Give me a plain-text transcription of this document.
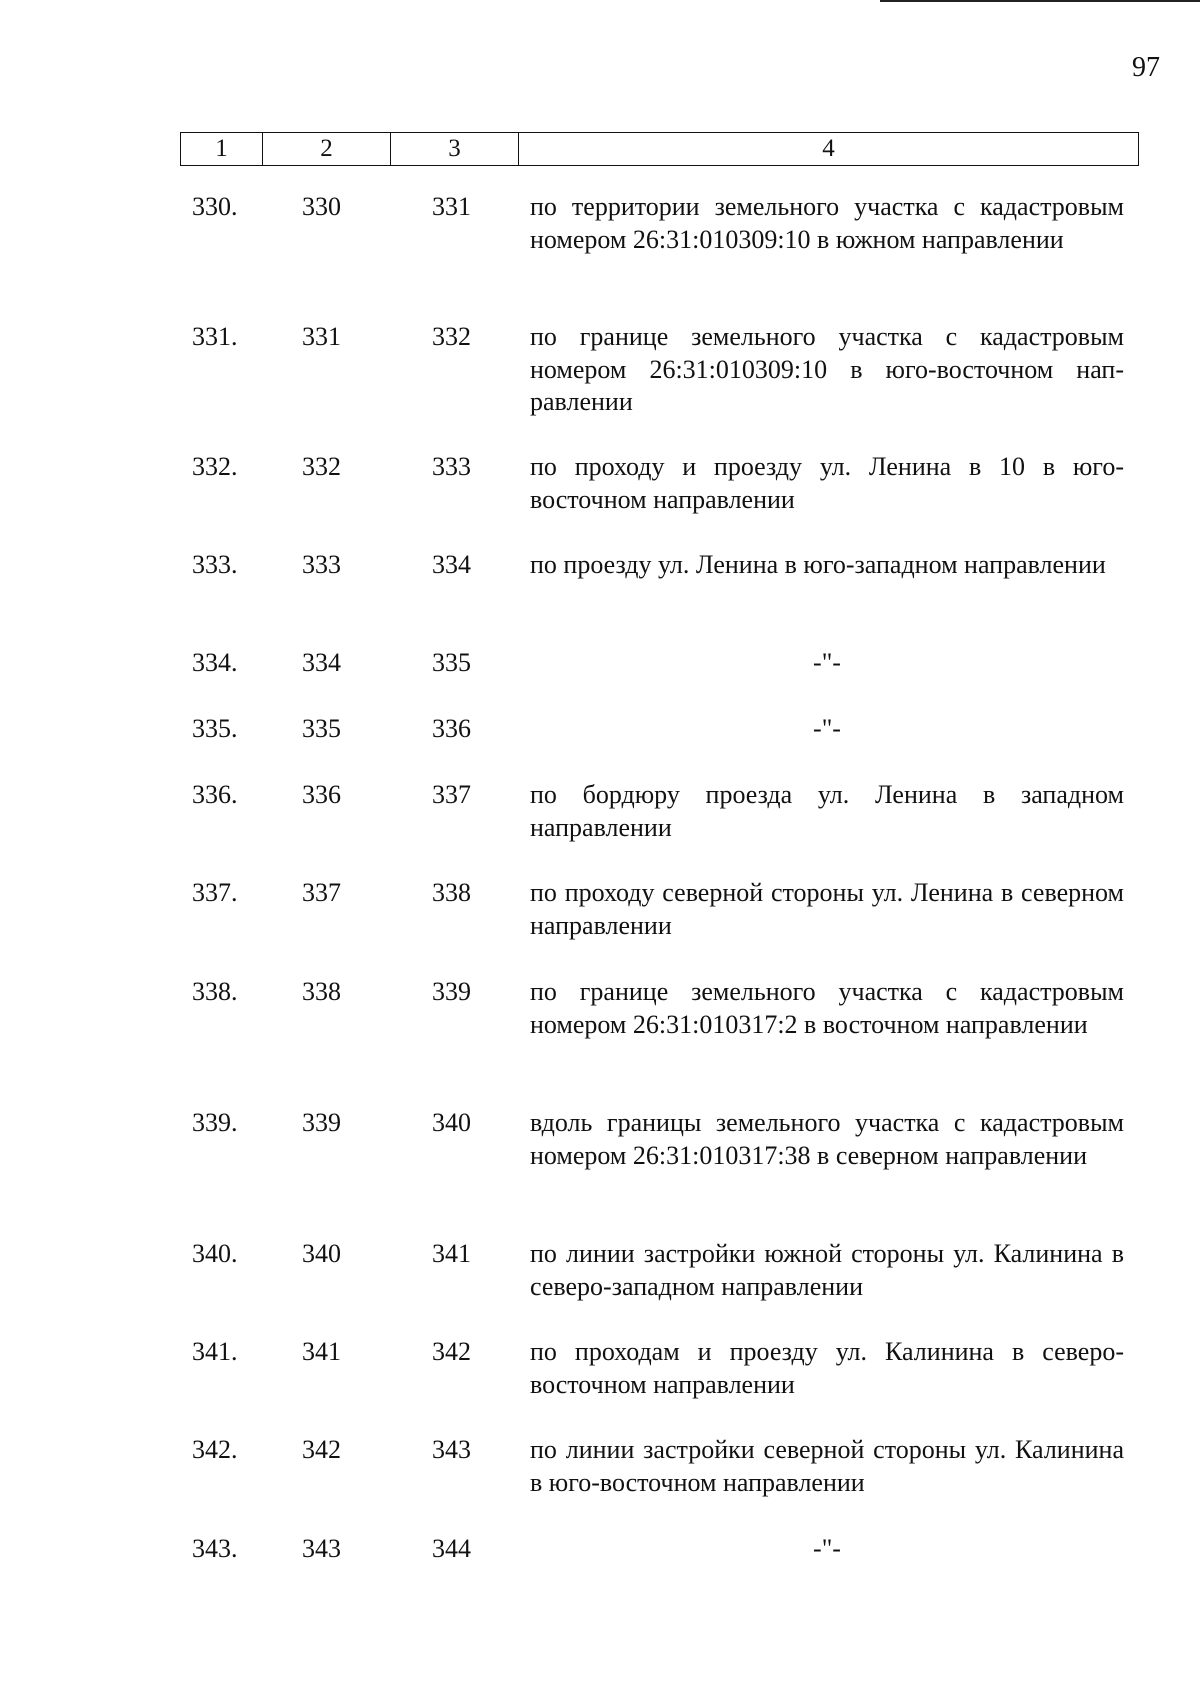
97
1	2	3	4
330. 330	331 по территории земельного участка с кадастровым номером 26:31:010309:10 в южном направлении
331. 331	332 по границе земельного участка с кадастровым номером 26:31:010309:10 в юго-восточном направлении
332. 332	333 по проходу и проезду ул. Ленина в 10 в юговосточном направлении
333. 333	334 по проезду ул. Ленина в юго-западном направлении
334. 334	335	-"-
335. 335	336	-"-
336. 336	337 по бордюру проезда ул. Ленина в западном направлении
337. 337	338 по проходу северной стороны ул. Ленина в северном направлении
338. 338	339 по границе земельного участка с кадастровым номером 26:31:010317:2 в восточном направлении
339. 339	340 вдоль границы земельного участка с кадастровым номером 26:31:010317:38 в северном направлении
340. 340	341 по линии застройки южной стороны ул. Калинина в северо-западном направлении
341. 341	342 по проходам и проезду ул. Калинина в северовосточном направлении
342. 342	343 по линии застройки северной стороны ул. Калинина в юго-восточном направлении
343. 343	344	-"-
